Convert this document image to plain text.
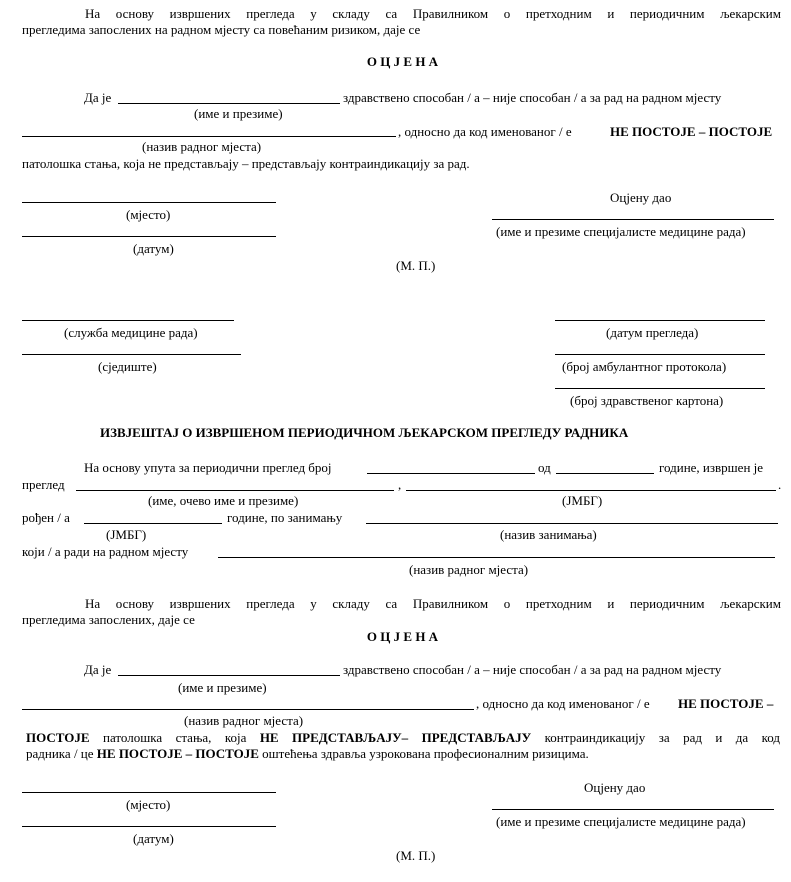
На основу извршених прегледа у складу са Правилником о претходним и периодичним љекарским
прегледима запослених на радном мјесту са повећаним ризиком, даје се
О Ц Ј Е Н А
Да је	здравствено способан / а – није способан / а за рад на радном мјесту
(име и презиме)
, односно да код именованог / е	НЕ ПОСТОЈЕ – ПОСТОЈЕ
(назив радног мјеста)
патолошка стања, која не представљају – представљају контраиндикацију за рад.
Оцјену дао
(мјесто)
(име и презиме специјалисте медицине рада)
(датум)
(М. П.)
(служба медицине рада)	(датум прегледа)
(сједиште)	(број амбулантног протокола)
(број здравственог картона)
ИЗВЈЕШТАЈ О ИЗВРШЕНОМ ПЕРИОДИЧНОМ ЉЕКАРСКОМ ПРЕГЛЕДУ РАДНИКА
На основу упута за периодични преглед број	од	године, извршен је
преглед	,	.
(име, очево име и презиме)	(ЈМБГ)
рођен / а	године, по занимању
(ЈМБГ)	(назив занимања)
који / а ради на радном мјесту
(назив радног мјеста)
На основу извршених прегледа у складу са Правилником о претходним и периодичним љекарским
прегледима запослених, даје се
О Ц Ј Е Н А
Да је	здравствено способан / а – није способан / а за рад на радном мјесту
(име и презиме)
, односно да код именованог / е НЕ ПОСТОЈЕ –
(назив радног мјеста)
ПОСТОЈЕ патолошка стања, која НЕ ПРЕДСТАВЉАЈУ– ПРЕДСТАВЉАЈУ контраиндикацију за рад и да код
радника / це НЕ ПОСТОЈЕ – ПОСТОЈЕ оштећења здравља узрокована професионалним ризицима.
Оцјену дао
(мјесто)
(име и презиме специјалисте медицине рада)
(датум)
(М. П.)
